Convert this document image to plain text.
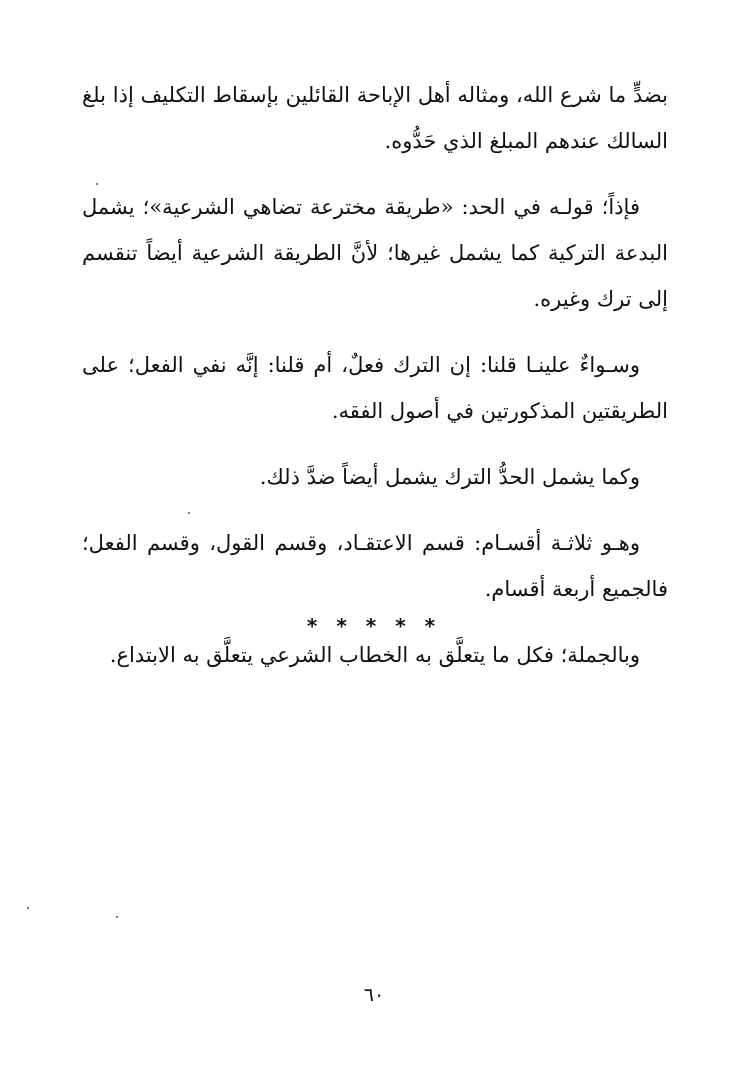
بضدٍّ ما شرع الله، ومثاله أهل الإباحة القائلين بإسقاط التكليف إذا بلغ السالك عندهم المبلغ الذي حَدُّوه.

فإذاً؛ قولـه في الحد: «طريقة مخترعة تضاهي الشرعية»؛ يشمل البدعة التركية كما يشمل غيرها؛ لأنَّ الطريقة الشرعية أيضاً تنقسم إلى ترك وغيره.

وسـواءٌ علينـا قلنا: إن الترك فعلٌ، أم قلنا: إنَّه نفي الفعل؛ على الطريقتين المذكورتين في أصول الفقه.

وكما يشمل الحدُّ الترك يشمل أيضاً ضدَّ ذلك.

وهـو ثلاثـة أقسـام: قسم الاعتقـاد، وقسم القول، وقسم الفعل؛ فالجميع أربعة أقسام.

وبالجملة؛ فكل ما يتعلَّق به الخطاب الشرعي يتعلَّق به الابتداع.

* * * * *
٦٠
